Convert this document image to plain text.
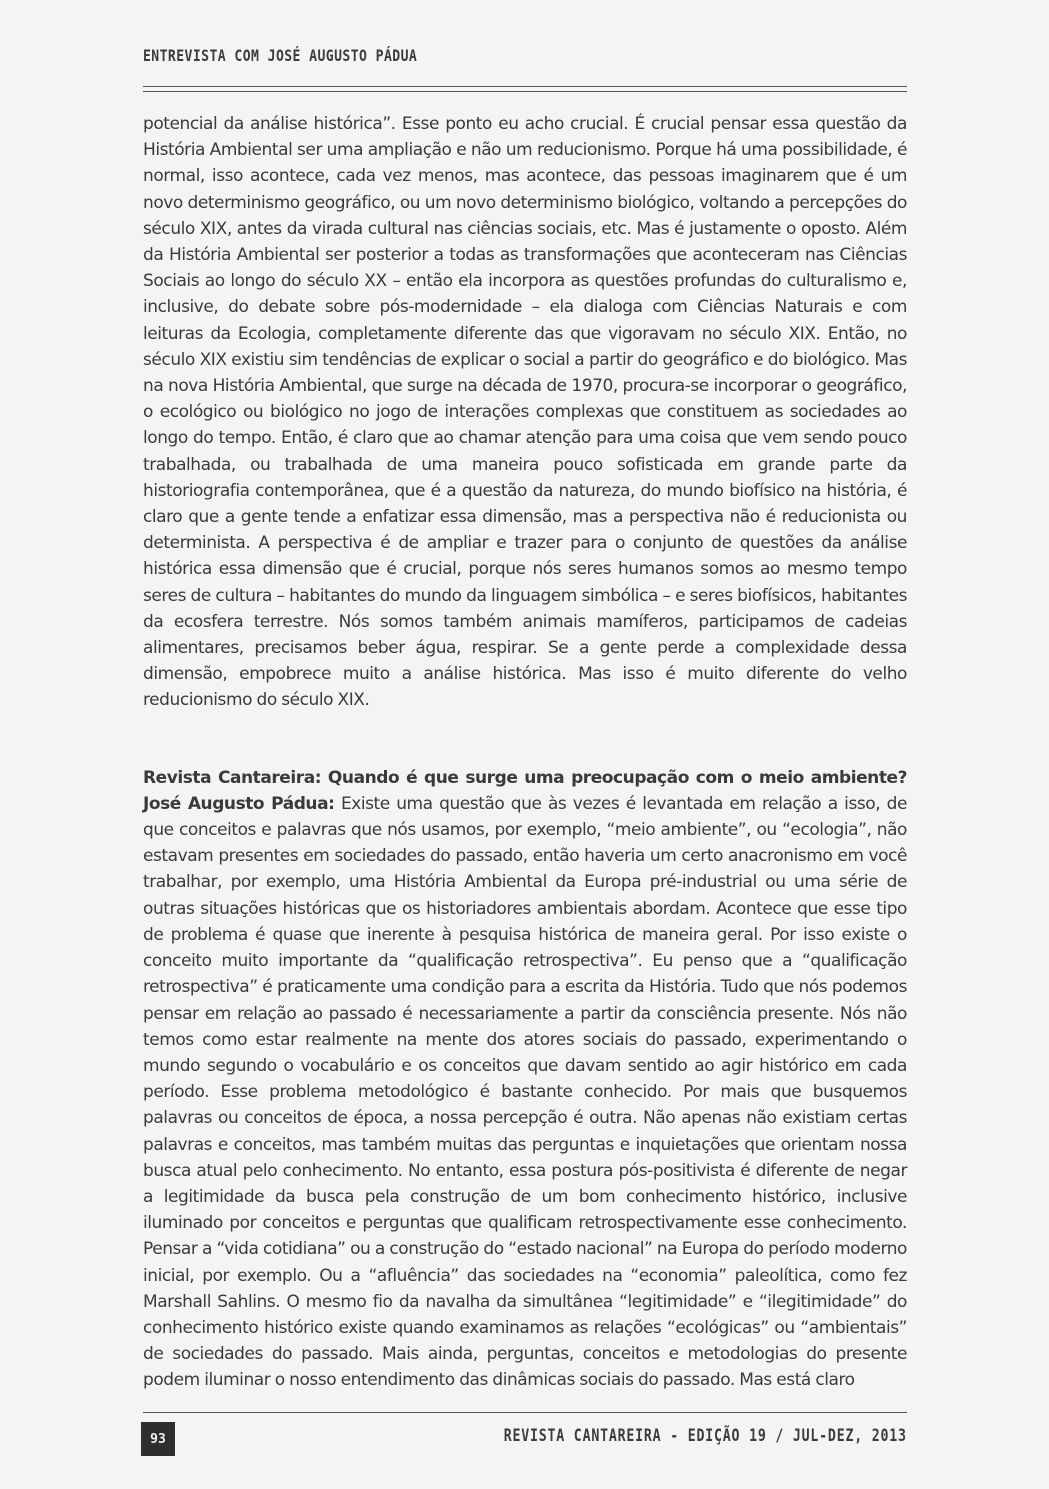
ENTREVISTA COM JOSÉ AUGUSTO PÁDUA

potencial da análise histórica”. Esse ponto eu acho crucial. É crucial pensar essa questão da História Ambiental ser uma ampliação e não um reducionismo. Porque há uma possibilidade, é normal, isso acontece, cada vez menos, mas acontece, das pessoas imaginarem que é um novo determinismo geográfico, ou um novo determinismo biológico, voltando a percepções do século XIX, antes da virada cultural nas ciências sociais, etc. Mas é justamente o oposto. Além da História Ambiental ser posterior a todas as transformações que aconteceram nas Ciências Sociais ao longo do século XX – então ela incorpora as questões profundas do culturalismo e, inclusive, do debate sobre pós-modernidade – ela dialoga com Ciências Naturais e com leituras da Ecologia, completamente diferente das que vigoravam no século XIX. Então, no século XIX existiu sim tendências de explicar o social a partir do geográfico e do biológico. Mas na nova História Ambiental, que surge na década de 1970, procura-se incorporar o geográfico, o ecológico ou biológico no jogo de interações complexas que constituem as sociedades ao longo do tempo. Então, é claro que ao chamar atenção para uma coisa que vem sendo pouco trabalhada, ou trabalhada de uma maneira pouco sofisticada em grande parte da historiografia contemporânea, que é a questão da natureza, do mundo biofísico na história, é claro que a gente tende a enfatizar essa dimensão, mas a perspectiva não é reducionista ou determinista. A perspectiva é de ampliar e trazer para o conjunto de questões da análise histórica essa dimensão que é crucial, porque nós seres humanos somos ao mesmo tempo seres de cultura – habitantes do mundo da linguagem simbólica – e seres biofísicos, habitantes da ecosfera terrestre. Nós somos também animais mamíferos, participamos de cadeias alimentares, precisamos beber água, respirar. Se a gente perde a complexidade dessa dimensão, empobrece muito a análise histórica. Mas isso é muito diferente do velho reducionismo do século XIX.

Revista Cantareira: Quando é que surge uma preocupação com o meio ambiente? José Augusto Pádua: Existe uma questão que às vezes é levantada em relação a isso, de que conceitos e palavras que nós usamos, por exemplo, “meio ambiente”, ou “ecologia”, não estavam presentes em sociedades do passado, então haveria um certo anacronismo em você trabalhar, por exemplo, uma História Ambiental da Europa pré-industrial ou uma série de outras situações históricas que os historiadores ambientais abordam. Acontece que esse tipo de problema é quase que inerente à pesquisa histórica de maneira geral. Por isso existe o conceito muito importante da “qualificação retrospectiva”. Eu penso que a “qualificação retrospectiva” é praticamente uma condição para a escrita da História. Tudo que nós podemos pensar em relação ao passado é necessariamente a partir da consciência presente. Nós não temos como estar realmente na mente dos atores sociais do passado, experimentando o mundo segundo o vocabulário e os conceitos que davam sentido ao agir histórico em cada período. Esse problema metodológico é bastante conhecido. Por mais que busquemos palavras ou conceitos de época, a nossa percepção é outra. Não apenas não existiam certas palavras e conceitos, mas também muitas das perguntas e inquietações que orientam nossa busca atual pelo conhecimento. No entanto, essa postura pós-positivista é diferente de negar a legitimidade da busca pela construção de um bom conhecimento histórico, inclusive iluminado por conceitos e perguntas que qualificam retrospectivamente esse conhecimento. Pensar a “vida cotidiana” ou a construção do “estado nacional” na Europa do período moderno inicial, por exemplo. Ou a “afluência” das sociedades na “economia” paleolítica, como fez Marshall Sahlins. O mesmo fio da navalha da simultânea “legitimidade” e “ilegitimidade” do conhecimento histórico existe quando examinamos as relações “ecológicas” ou “ambientais” de sociedades do passado. Mais ainda, perguntas, conceitos e metodologias do presente podem iluminar o nosso entendimento das dinâmicas sociais do passado. Mas está claro

93	REVISTA CANTAREIRA - EDIÇÃO 19 / JUL-DEZ, 2013
